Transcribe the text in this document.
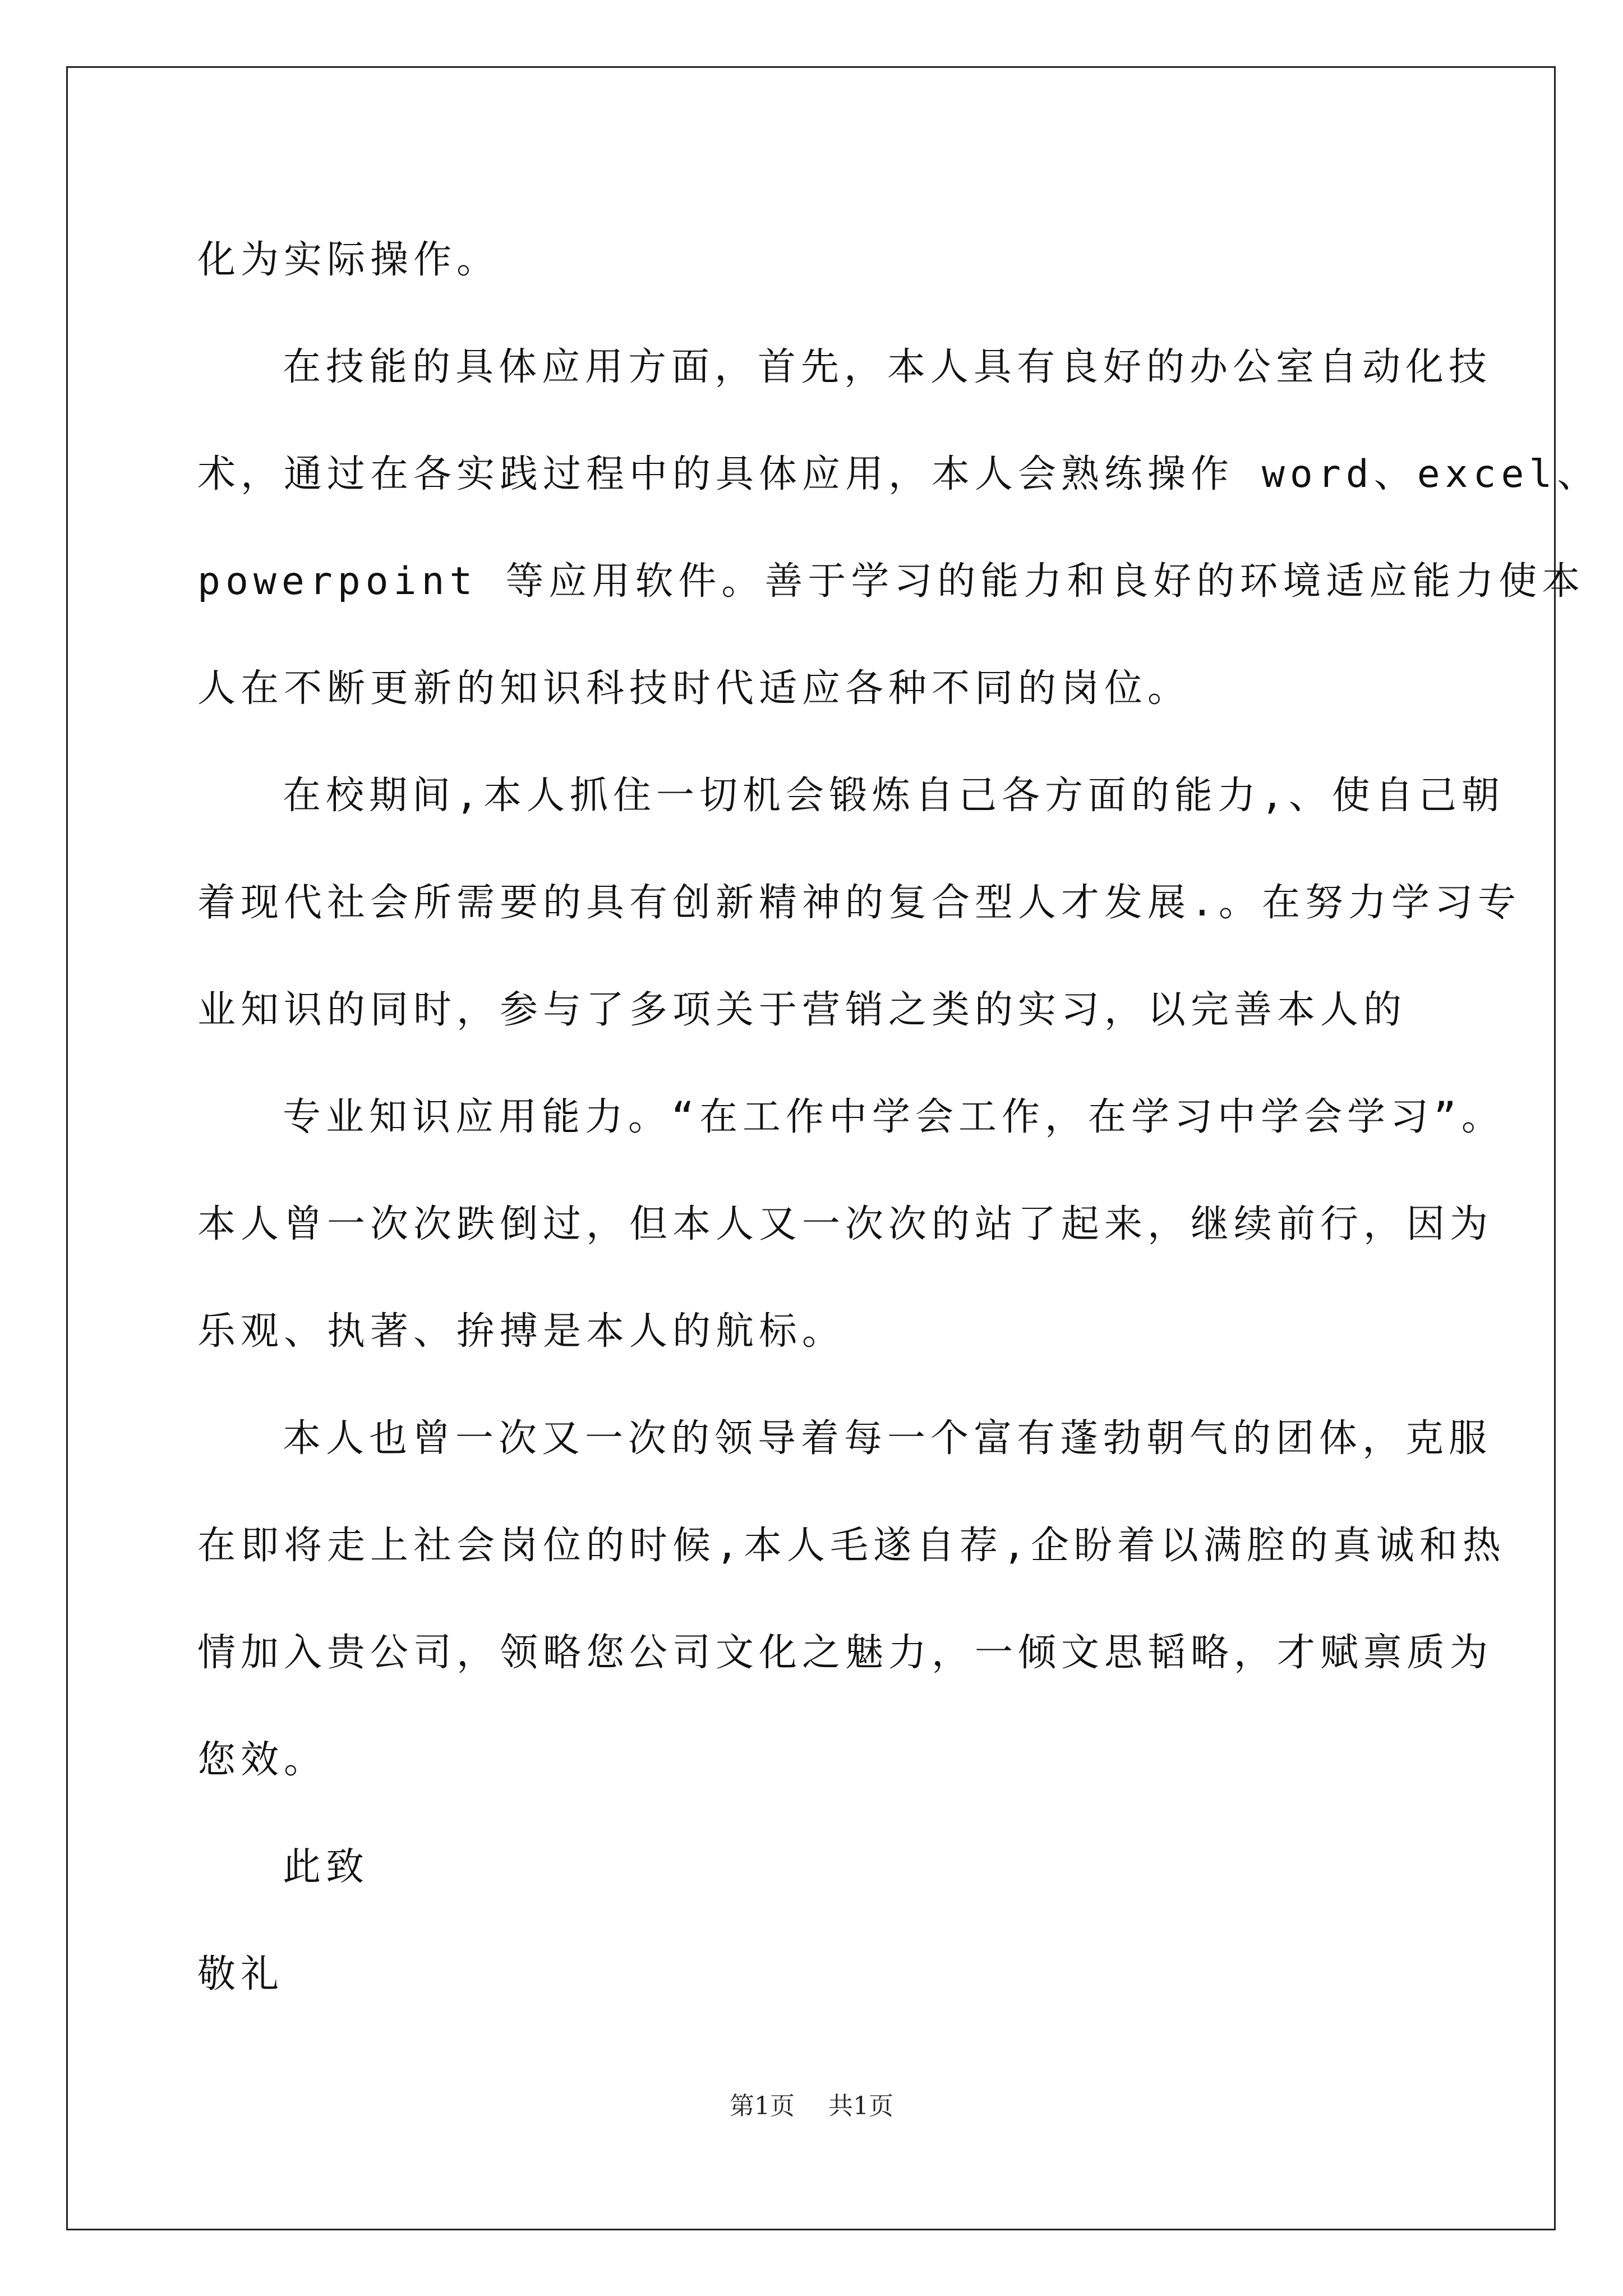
化为实际操作。
在技能的具体应用方面，首先，本人具有良好的办公室自动化技
术，通过在各实践过程中的具体应用，本人会熟练操作 word、excel、
powerpoint 等应用软件。善于学习的能力和良好的环境适应能力使本
人在不断更新的知识科技时代适应各种不同的岗位。
在校期间,本人抓住一切机会锻炼自己各方面的能力,、使自己朝
着现代社会所需要的具有创新精神的复合型人才发展.。在努力学习专
业知识的同时，参与了多项关于营销之类的实习，以完善本人的
专业知识应用能力。“在工作中学会工作，在学习中学会学习”。
本人曾一次次跌倒过，但本人又一次次的站了起来，继续前行，因为
乐观、执著、拚搏是本人的航标。
本人也曾一次又一次的领导着每一个富有蓬勃朝气的团体，克服
在即将走上社会岗位的时候,本人毛遂自荐,企盼着以满腔的真诚和热
情加入贵公司，领略您公司文化之魅力，一倾文思韬略，才赋禀质为
您效。
此致
敬礼
第1页 共1页
